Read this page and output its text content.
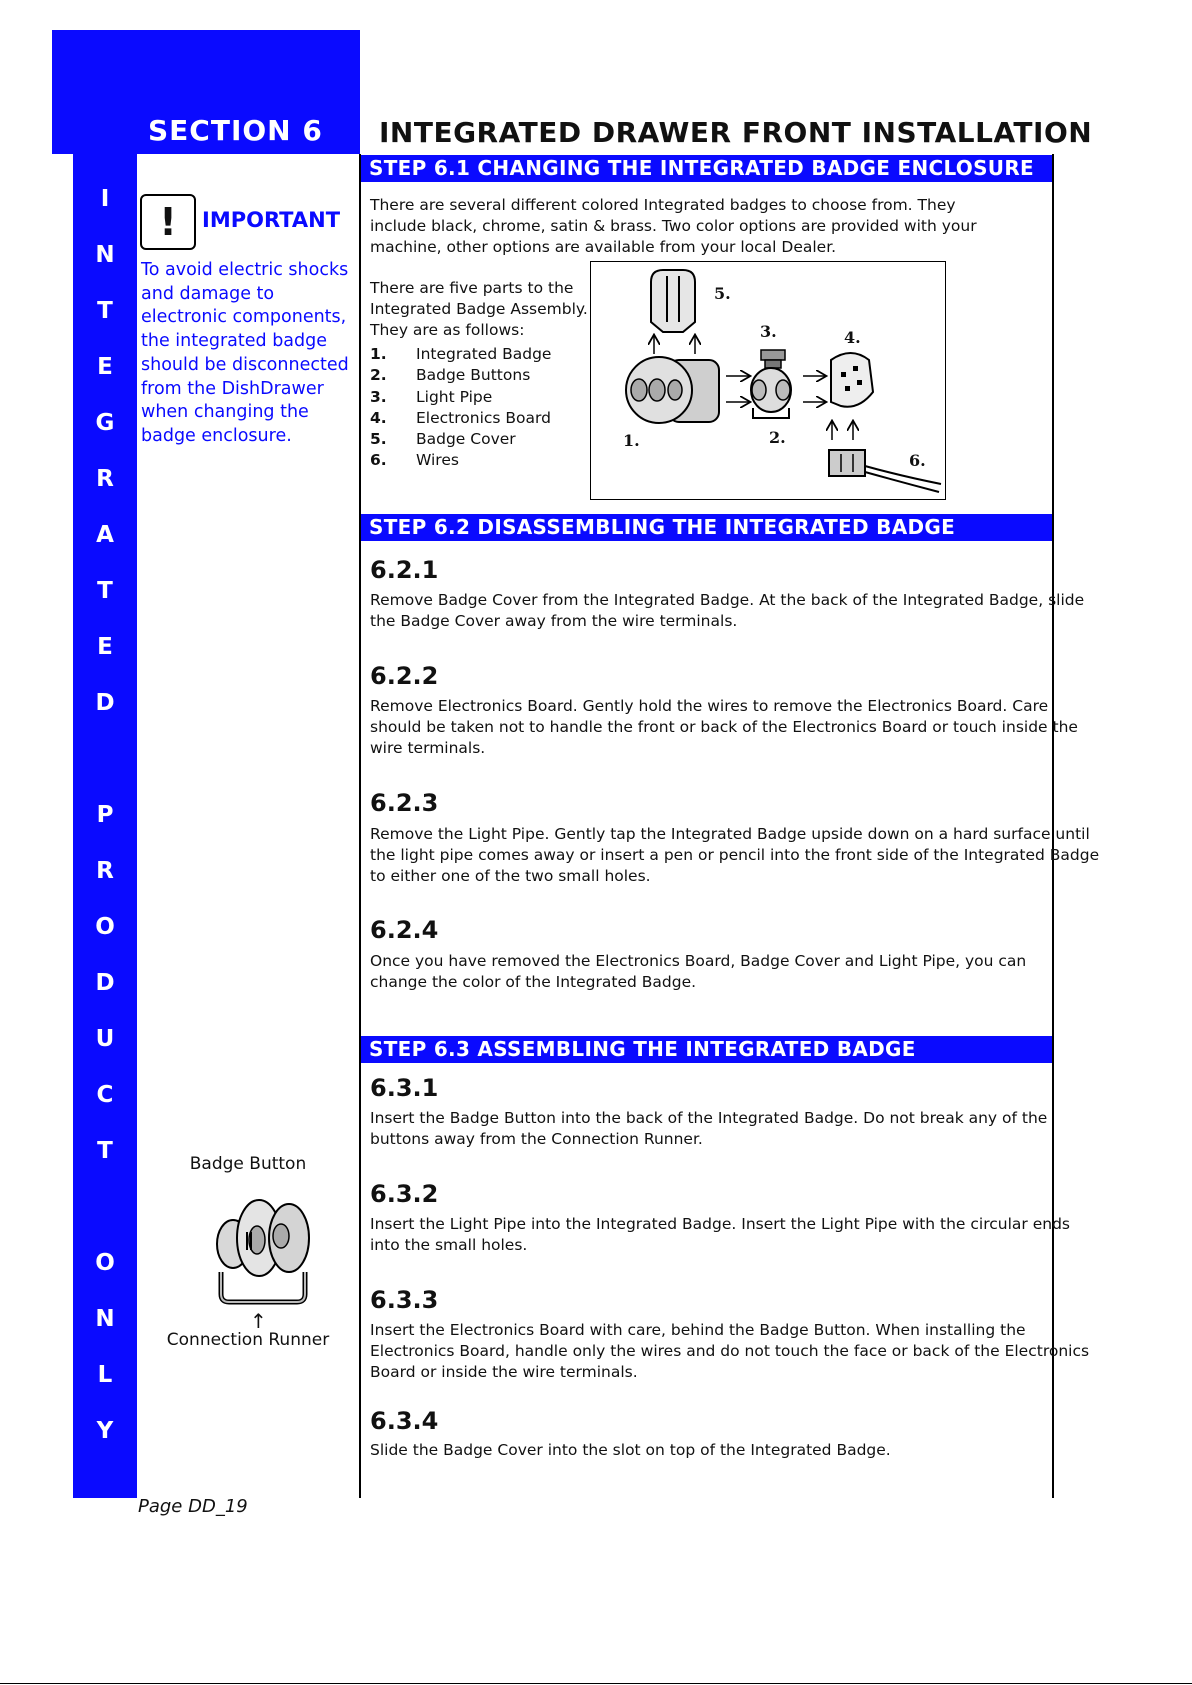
SECTION 6 INTEGRATED DRAWER FRONT INSTALLATION
I
N
T
E
G
R
A
T
E
D
P
R
O
D
U
C
T
O
N
L
Y
!	IMPORTANT
To avoid electric shocks and damage to electronic components, the integrated badge should be disconnected from the DishDrawer when changing the badge enclosure.
STEP 6.1 CHANGING THE INTEGRATED BADGE ENCLOSURE
There are several different colored Integrated badges to choose from. They
include black, chrome, satin & brass. Two color options are provided with your
machine, other options are available from your local Dealer.
There are five parts to the
Integrated Badge Assembly.
They are as follows:
1.	Integrated Badge
2.	Badge Buttons
3.	Light Pipe
4.	Electronics Board
5.	Badge Cover
6.	Wires
5.
3.	4.
1.	2.
6.
STEP 6.2 DISASSEMBLING THE INTEGRATED BADGE
6.2.1
Remove Badge Cover from the Integrated Badge. At the back of the Integrated Badge, slide
the Badge Cover away from the wire terminals.
6.2.2
Remove Electronics Board. Gently hold the wires to remove the Electronics Board. Care
should be taken not to handle the front or back of the Electronics Board or touch inside the
wire terminals.
6.2.3
Remove the Light Pipe. Gently tap the Integrated Badge upside down on a hard surface until
the light pipe comes away or insert a pen or pencil into the front side of the Integrated Badge
to either one of the two small holes.
6.2.4
Once you have removed the Electronics Board, Badge Cover and Light Pipe, you can
change the color of the Integrated Badge.
STEP 6.3 ASSEMBLING THE INTEGRATED BADGE
6.3.1
Insert the Badge Button into the back of the Integrated Badge. Do not break any of the
buttons away from the Connection Runner.
6.3.2
Insert the Light Pipe into the Integrated Badge. Insert the Light Pipe with the circular ends
into the small holes.
6.3.3
Insert the Electronics Board with care, behind the Badge Button. When installing the
Electronics Board, handle only the wires and do not touch the face or back of the Electronics
Board or inside the wire terminals.
6.3.4
Slide the Badge Cover into the slot on top of the Integrated Badge.
Badge Button
↑
Connection Runner
Page DD_19
